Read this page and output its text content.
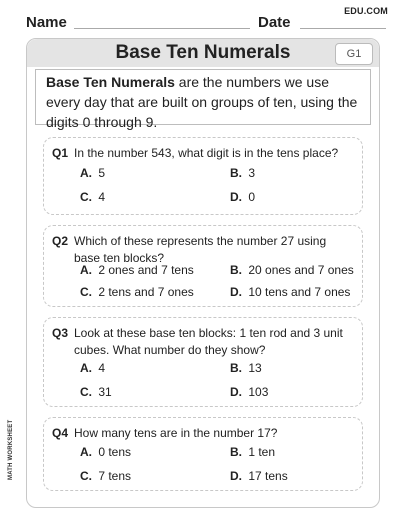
EDU.COM
Name	Date
Base Ten Numerals	G1
Base Ten Numerals are the numbers we use every day that are built on groups of ten, using the digits 0 through 9.
Q1 In the number 543, what digit is in the tens place?
A. 5	B. 3
C. 4	D. 0
Q2 Which of these represents the number 27 using base ten blocks?
A. 2 ones and 7 tens	B. 20 ones and 7 ones
C. 2 tens and 7 ones	D. 10 tens and 7 ones
Q3 Look at these base ten blocks: 1 ten rod and 3 unit cubes. What number do they show?
A. 4	B. 13
C. 31	D. 103
Q4 How many tens are in the number 17?
A. 0 tens	B. 1 ten
C. 7 tens	D. 17 tens
MATH WORKSHEET
